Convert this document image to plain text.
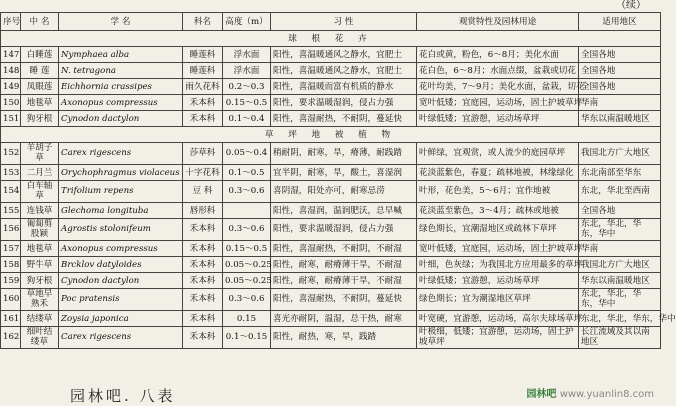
（续）
序号	中 名	学 名	科名	高度（m）	习 性	观赏特性及园林用途	适用地区
球 根 花 卉							
147	白睡莲	Nymphaea alba	睡莲科	浮水面	阳性，喜温暖通风之静水，宜肥土	花白或黄，粉色，6～8月；美化水面	全国各地
148	睡 莲	N. tetragona	睡莲科	浮水面	阳性，喜温暖通风之静水，宜肥土	花白色，6～8月；水面点缀，盆栽或切花	全国各地
149	凤眼莲	Eichhornia crassipes	雨久花科	0.2～0.3	阳性，喜温暖而富有机质的静水	花叶均美，7～9月；美化水面，盆栽，切花	全国各地
150	地毯草	Axonopus compressus	禾本科	0.15～0.5	阳性，要求温暖湿润，侵占力强	宽叶低矮；宜庭园，运动场，固土护坡草坪	华南
151	狗牙根	Cynodon dactylon	禾本科	0.1～0.4	阳性，喜湿耐热，不耐阴，蔓延快	叶绿低矮；宜游憩，运动场草坪	华东以南温暖地区
草 坪 地 被 植 物							
152	羊胡子草	Carex rigescens	莎草科	0.05～0.4	稍耐阴，耐寒，旱，瘠薄，耐践踏	叶鲜绿，宜观赏，或人流少的庭园草坪	我国北方广大地区
153	二月兰	Orychophragmus violaceus	十字花科	0.1～0.5	宜半阴，耐寒，旱，酸土，喜湿润	花淡蓝紫色，春夏；疏林地被，林缘绿化	东北南部至华东
154	白车轴草	Trifolium repens	豆 科	0.3～0.6	喜阴湿，阳处亦可，耐寒忌涝	叶形，花色美，5～6月；宜作地被	东北，华北至西南
155	连钱草	Glechoma longituba	唇形科		阳性，喜湿润，温润肥沃，总早喊	花淡蓝至紫色，3～4月；疏林或地被	全国各地
156	匍匐剪股颖	Agrostis stolonifeum	禾本科	0.3～0.6	阳性，要求温暖湿润，侵占力强	绿色期长，宜潮湿地区或疏林下草坪	东北，华北，华东，华中
157	地毯草	Axonopus compressus	禾本科	0.15～0.5	阳性，喜湿耐热，不耐阴，不耐湿	宽叶低矮，宜庭园，运动场，固土护坡草坪	华南
158	野牛草	Brcklov datyloides	禾本科	0.05～0.25	阳性，耐寒，耐瘠薄干旱，不耐湿	叶细，色灰绿；为我国北方应用最多的草坪	我国北方广大地区
159	狗牙根	Cynodon dactylon	禾本科	0.05～0.25	阳性，耐寒，耐瘠薄干旱，不耐湿	叶绿低矮；宜游憩，运动场草坪	华东以南温暖地区
160	草地早熟禾	Poc pratensis	禾本科	0.3～0.6	阳性，喜湿耐热，不耐阴，蔓延快	绿色期长；宜为潮湿地区草坪	东北，华北，华东，华中
161	结缕草	Zoysia japonica	禾本科	0.15	喜光亦耐阴，温湿，总干热，耐寒	叶宽硬，宜游憩，运动场，高尔夫球场草坪	东北，华北，华东，华中
162	细叶结缕草	Carex rigescens	禾本科	0.1～0.15	阳性，耐热，寒，旱，践踏	叶极细，低矮；宜游憩，运动场，固土护坡草坪	长江流域及其以南地区
园林吧. 八表	园林吧 www.yuanlin8.com
